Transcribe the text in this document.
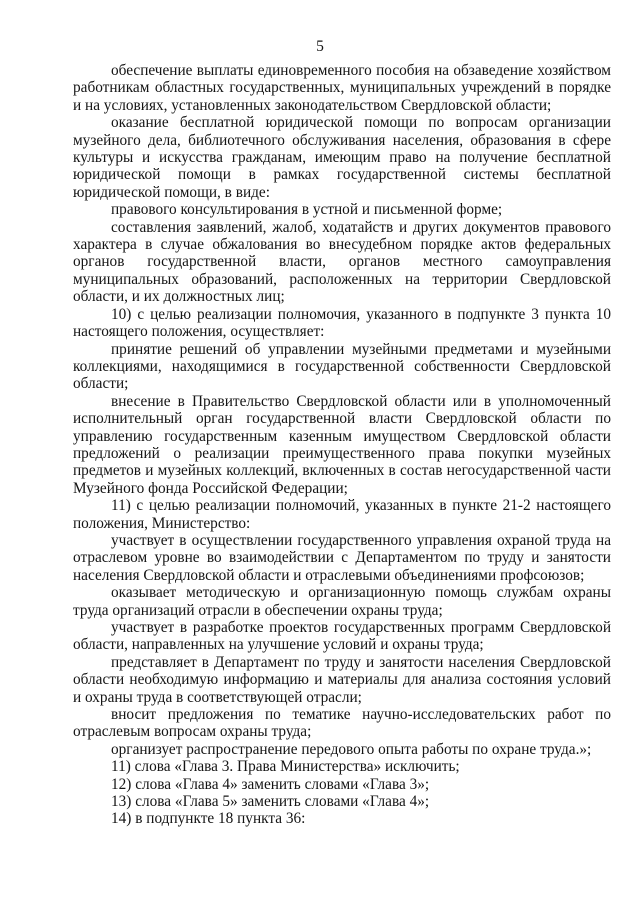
5

обеспечение выплаты единовременного пособия на обзаведение хозяйством работникам областных государственных, муниципальных учреждений в порядке и на условиях, установленных законодательством Свердловской области;

оказание бесплатной юридической помощи по вопросам организации музейного дела, библиотечного обслуживания населения, образования в сфере культуры и искусства гражданам, имеющим право на получение бесплатной юридической помощи в рамках государственной системы бесплатной юридической помощи, в виде:

правового консультирования в устной и письменной форме;

составления заявлений, жалоб, ходатайств и других документов правового характера в случае обжалования во внесудебном порядке актов федеральных органов государственной власти, органов местного самоуправления муниципальных образований, расположенных на территории Свердловской области, и их должностных лиц;

10) с целью реализации полномочия, указанного в подпункте 3 пункта 10 настоящего положения, осуществляет:

принятие решений об управлении музейными предметами и музейными коллекциями, находящимися в государственной собственности Свердловской области;

внесение в Правительство Свердловской области или в уполномоченный исполнительный орган государственной власти Свердловской области по управлению государственным казенным имуществом Свердловской области предложений о реализации преимущественного права покупки музейных предметов и музейных коллекций, включенных в состав негосударственной части Музейного фонда Российской Федерации;

11) с целью реализации полномочий, указанных в пункте 21-2 настоящего положения, Министерство:

участвует в осуществлении государственного управления охраной труда на отраслевом уровне во взаимодействии с Департаментом по труду и занятости населения Свердловской области и отраслевыми объединениями профсоюзов;

оказывает методическую и организационную помощь службам охраны труда организаций отрасли в обеспечении охраны труда;

участвует в разработке проектов государственных программ Свердловской области, направленных на улучшение условий и охраны труда;

представляет в Департамент по труду и занятости населения Свердловской области необходимую информацию и материалы для анализа состояния условий и охраны труда в соответствующей отрасли;

вносит предложения по тематике научно-исследовательских работ по отраслевым вопросам охраны труда;

организует распространение передового опыта работы по охране труда.»;

11) слова «Глава 3. Права Министерства» исключить;

12) слова «Глава 4» заменить словами «Глава 3»;

13) слова «Глава 5» заменить словами «Глава 4»;

14) в подпункте 18 пункта 36:
